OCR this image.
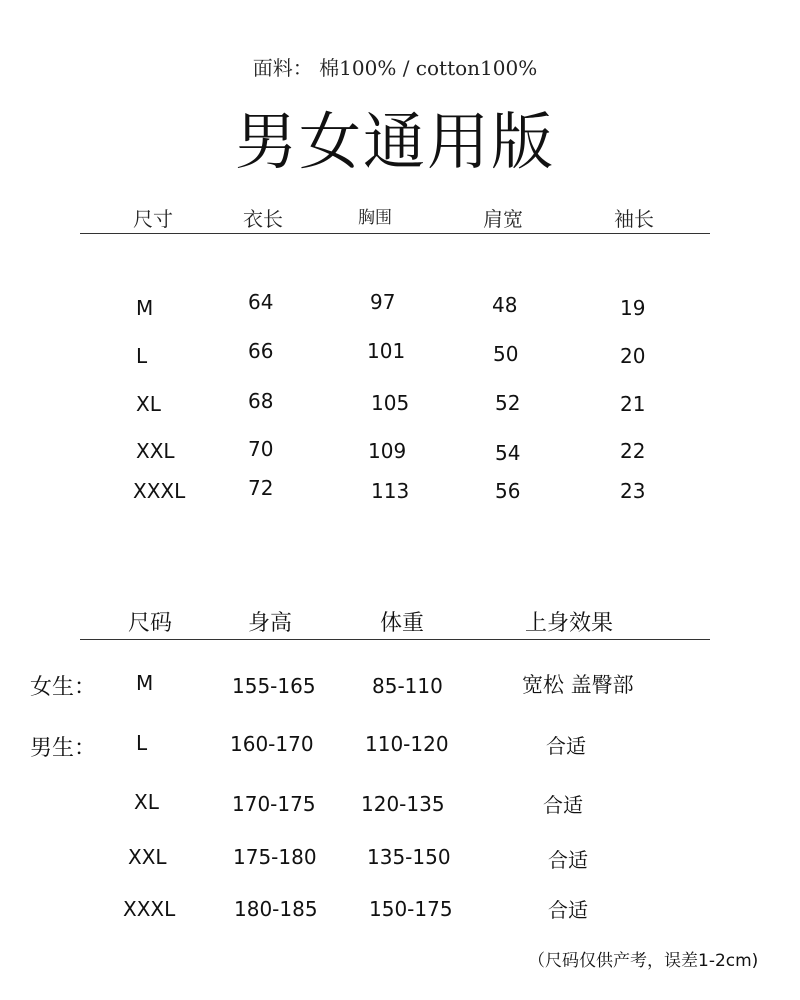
面料： 棉100% / cotton100%
男女通用版
尺寸	衣长	胸围	肩宽	袖长
M	64	97	48	19
L	66	101	50	20
XL	68	105	52	21
XXL	70	109	54	22
XXXL	72	113	56	23
尺码	身高	体重	上身效果
女生： M	155-165	85-110	宽松 盖臀部
男生： L	160-170	110-120	合适
XL	170-175 120-135	合适
XXL	175-180	135-150	合适
XXXL	180-185	150-175	合适
（尺码仅供产考，误差1-2cm)
